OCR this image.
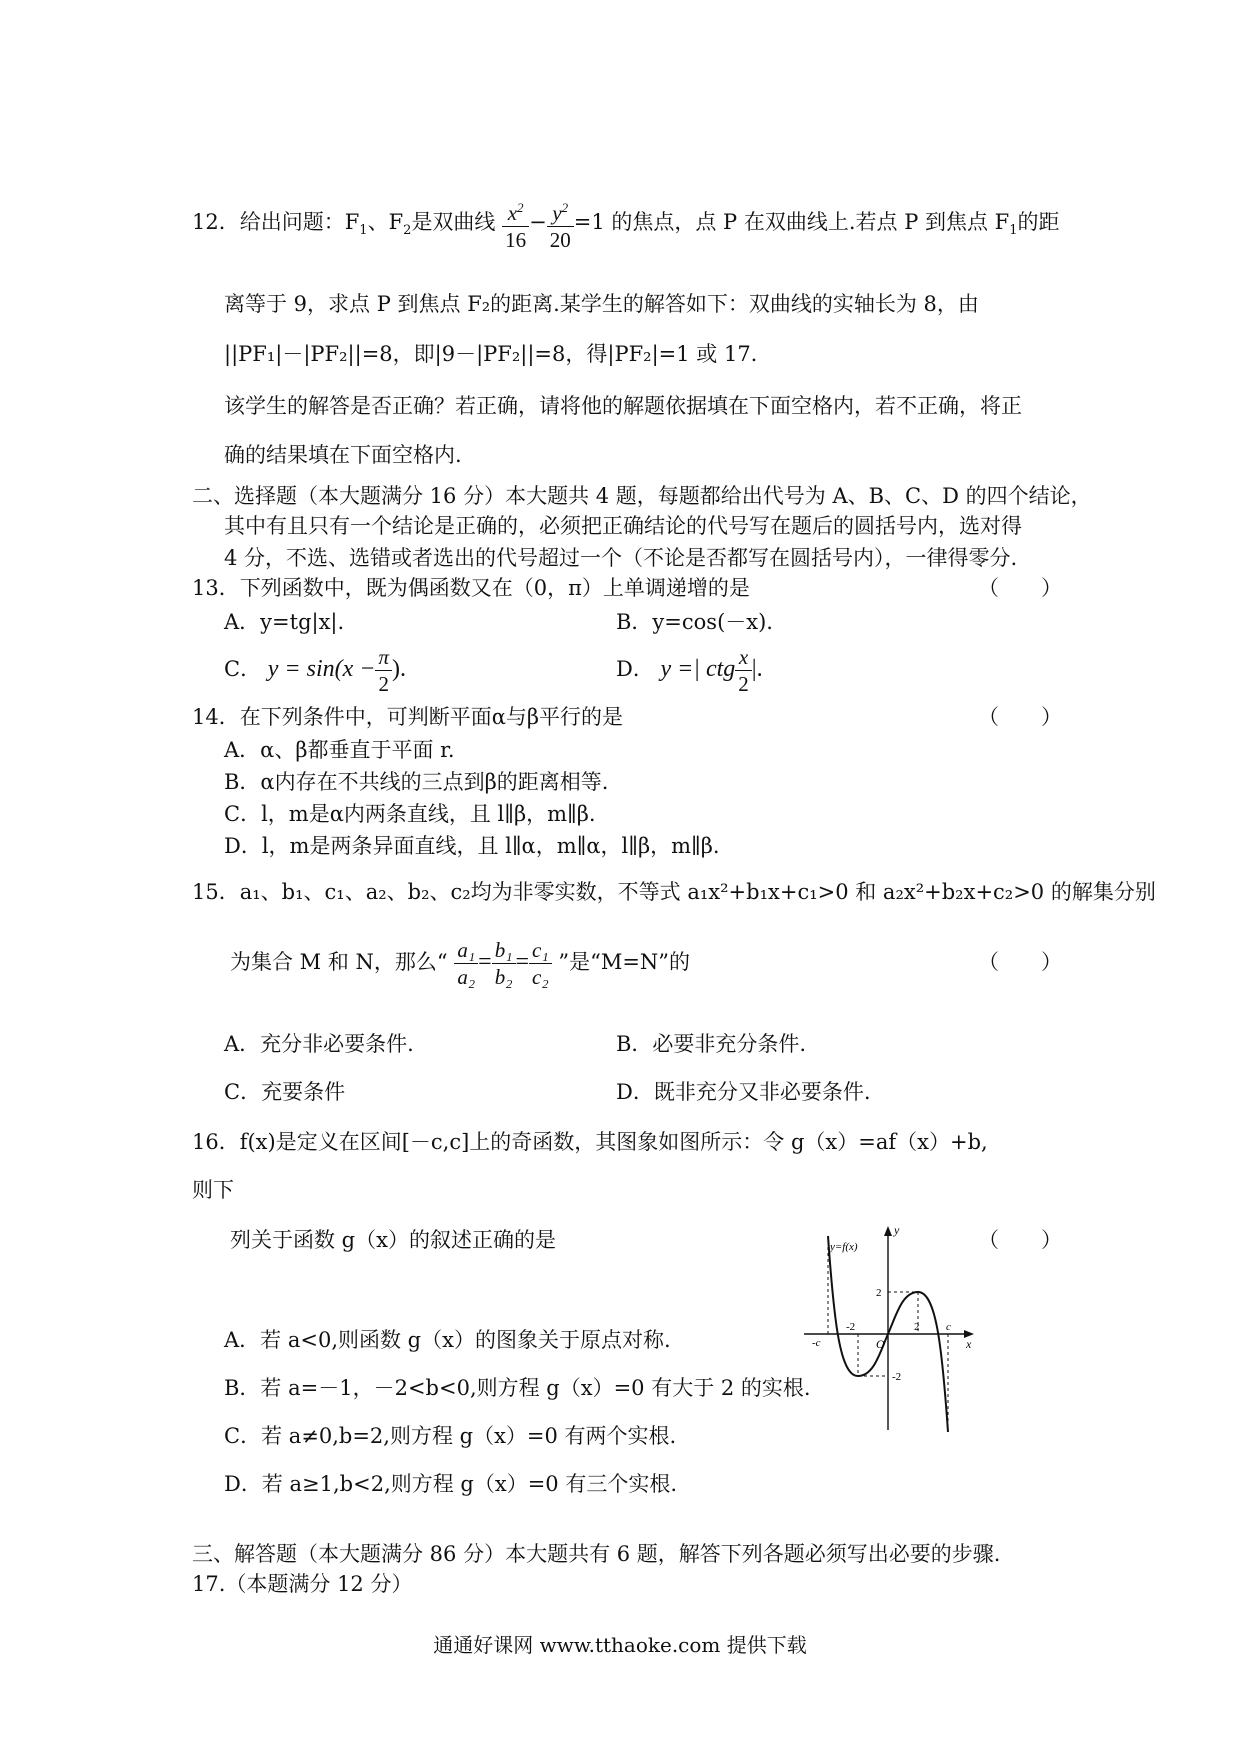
12．给出问题：$F_1$、$F_2$是双曲线 $\frac{x^2}{16} - \frac{y^2}{20} =1$ 的焦点，点 P 在双曲线上.若点 P 到焦点 $F_1$的距
离等于 9，求点 P 到焦点 F₂的距离.某学生的解答如下：双曲线的实轴长为 8，由
||PF₁|－|PF₂||=8，即|9－|PF₂||=8，得|PF₂|=1 或 17.
该学生的解答是否正确？若正确，请将他的解题依据填在下面空格内，若不正确，将正
确的结果填在下面空格内.
二、选择题（本大题满分 16 分）本大题共 4 题，每题都给出代号为 A、B、C、D 的四个结论，
其中有且只有一个结论是正确的，必须把正确结论的代号写在题后的圆括号内，选对得
4 分，不选、选错或者选出的代号超过一个（不论是否都写在圆括号内），一律得零分.
13．下列函数中，既为偶函数又在（0，π）上单调递增的是	（　　）
A．y=tg|x|.	B．y=cos(－x).
C． $y = \sin(x - \frac{\pi}{2}$ ).	D． y =| ctg $\frac{x}{2}$ |.
14．在下列条件中，可判断平面α与β平行的是	（　　）
A．α、β都垂直于平面 r.
B．α内存在不共线的三点到β的距离相等.
C．l，m是α内两条直线，且 l∥β，m∥β.
D．l，m是两条异面直线，且 l∥α，m∥α，l∥β，m∥β.
15．a₁、b₁、c₁、a₂、b₂、c₂均为非零实数，不等式 a₁x²+b₁x+c₁>0 和 a₂x²+b₂x+c₂>0 的解集分别
为集合 M 和 N，那么“ $\frac{\text{a₁}}{\text{a₂}} = \frac{\text{b₁}}{\text{b₂}} = \frac{\text{c₁}}{\text{c₂}}$ ”是“M=N”的	（　　）
A．充分非必要条件.	B．必要非充分条件.
C．充要条件	D．既非充分又非必要条件.
16．f(x)是定义在区间[－c,c]上的奇函数，其图象如图所示：令 g（x）=af（x）+b,
则下
列关于函数 g（x）的叙述正确的是	（　　）
A．若 a<0,则函数 g（x）的图象关于原点对称.
B．若 a=－1，－2<b<0,则方程 g（x）=0 有大于 2 的实根.
C．若 a≠0,b=2,则方程 g（x）=0 有两个实根.
D．若 a≥1,b<2,则方程 g（x）=0 有三个实根.
y=f(x)
y
x
O
2
-2
2
-2	c
-c
三、解答题（本大题满分 86 分）本大题共有 6 题，解答下列各题必须写出必要的步骤.
17.（本题满分 12 分）
通通好课网 www.tthaoke.com 提供下载
